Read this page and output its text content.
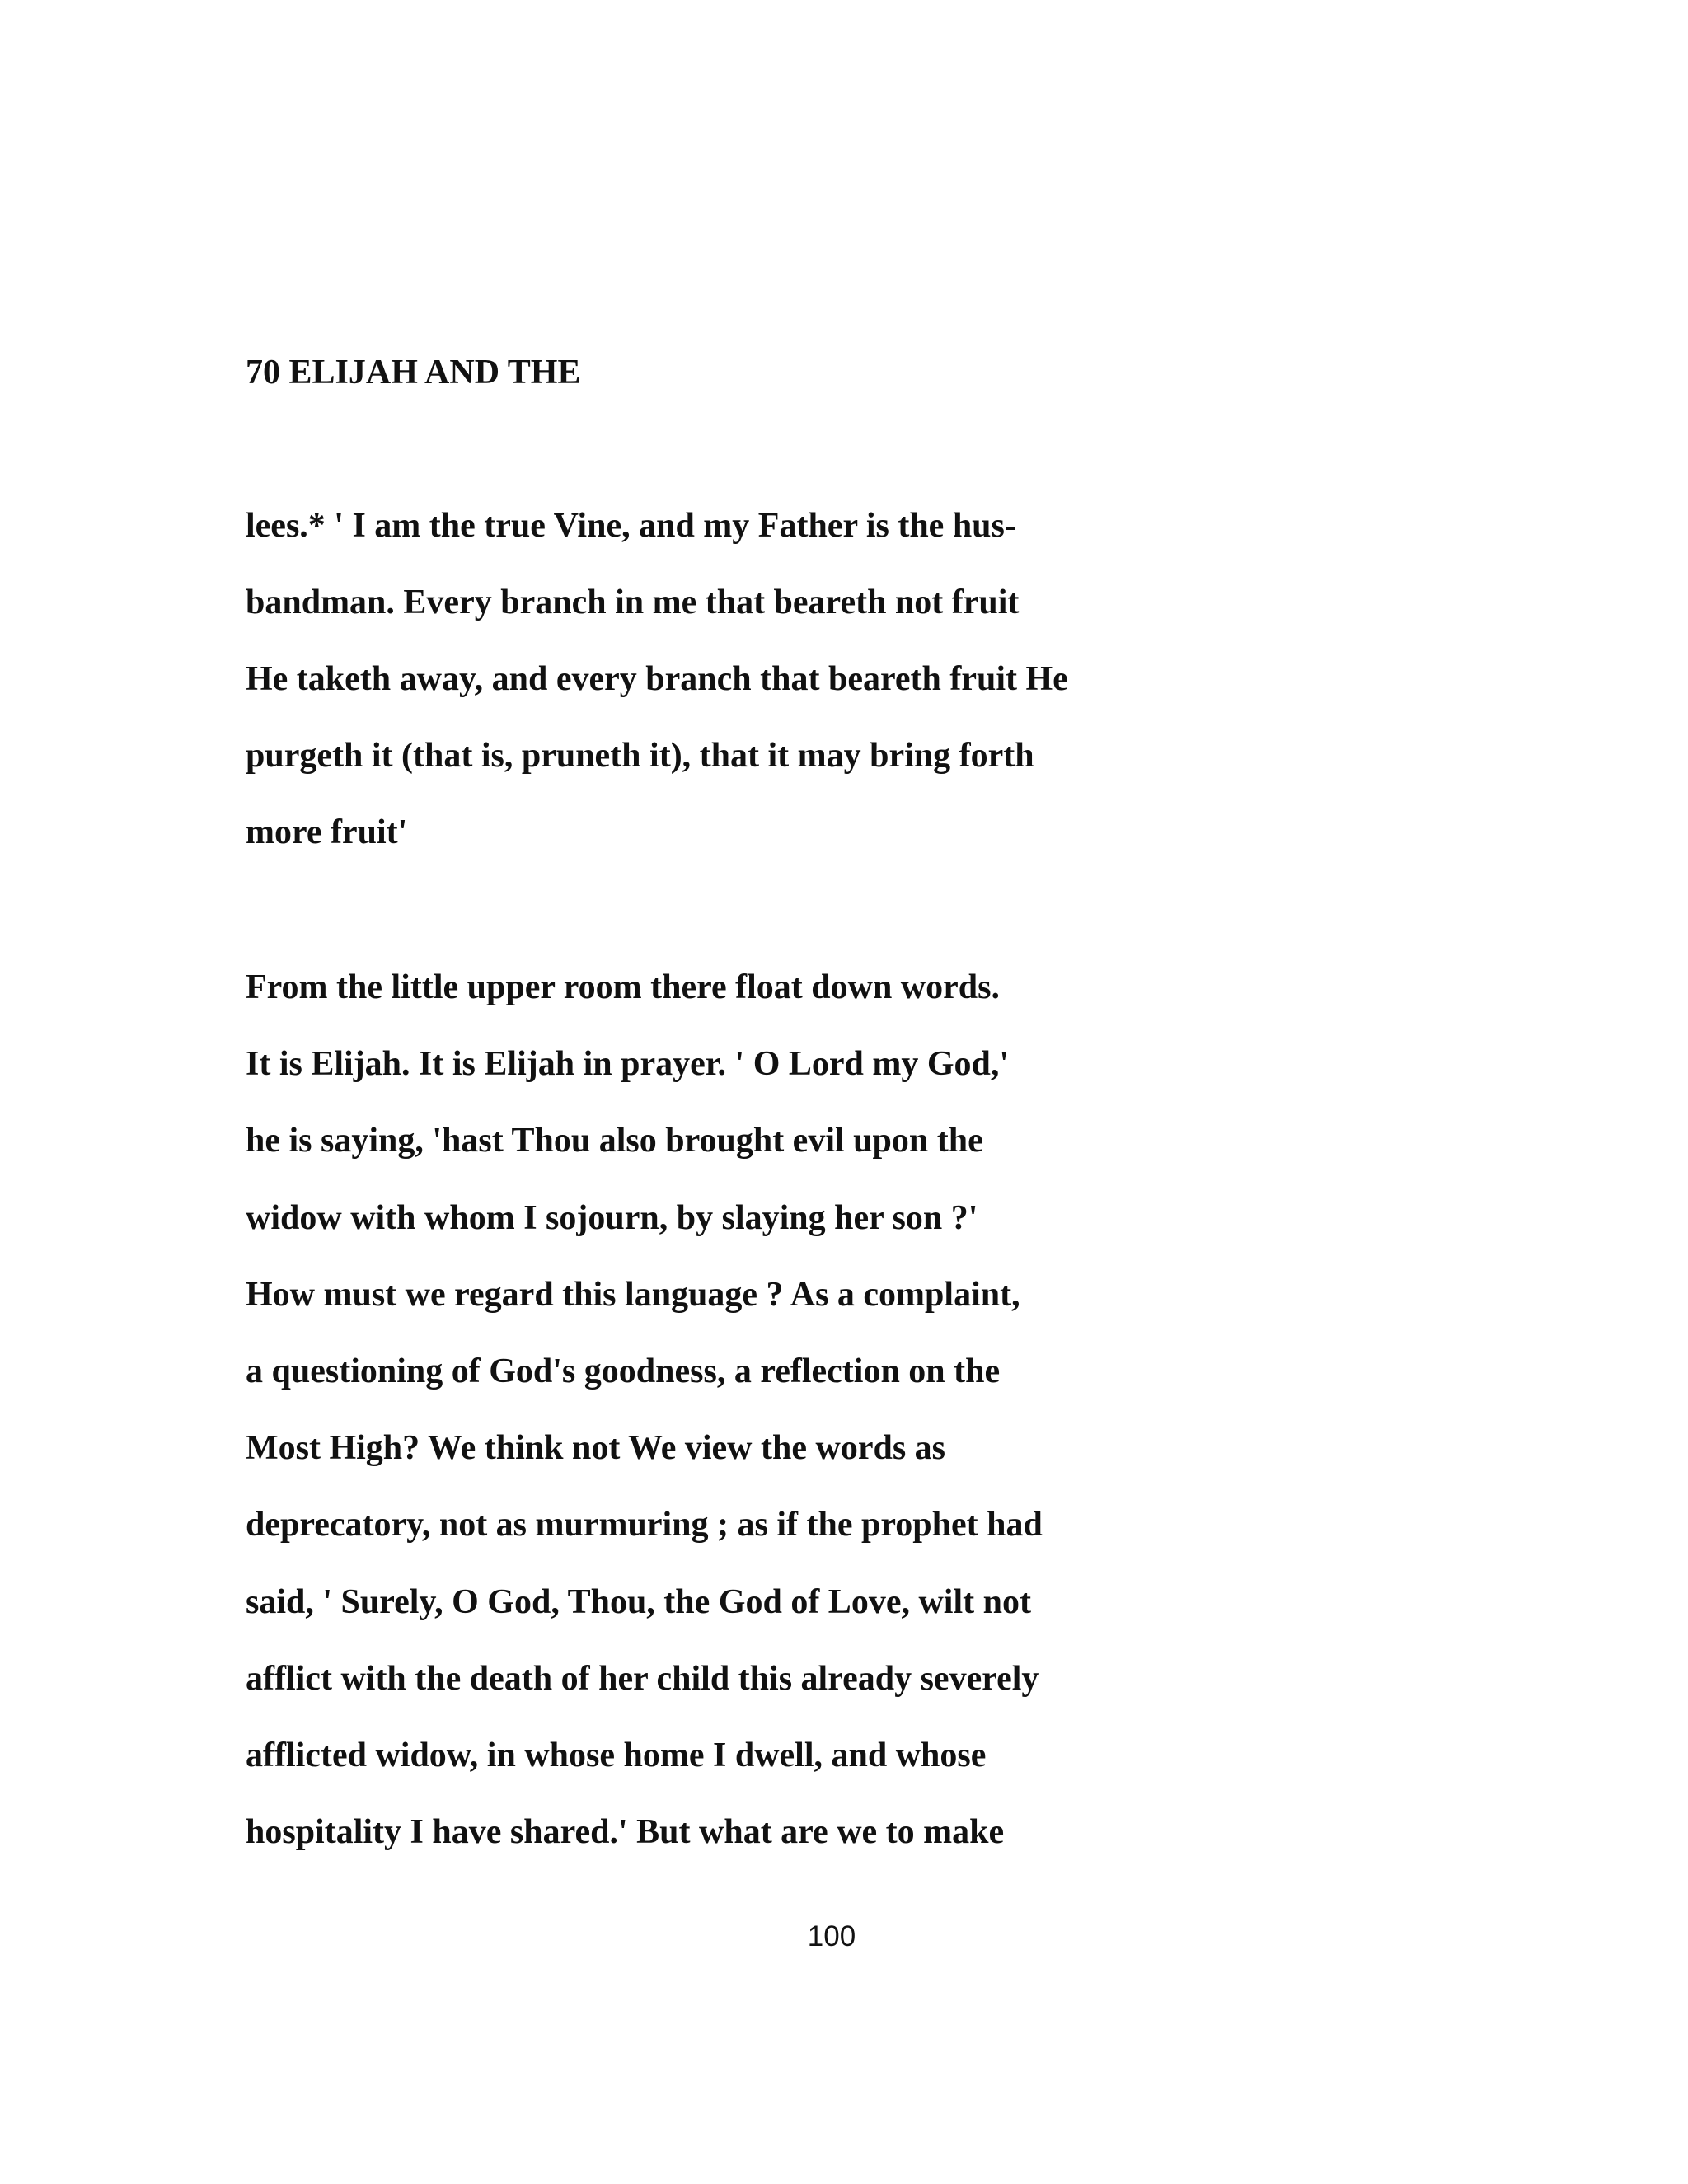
70 ELIJAH AND THE

lees.* ' I am the true Vine, and my Father is the hus-

bandman. Every branch in me that beareth not fruit

He taketh away, and every branch that beareth fruit He

purgeth it (that is, pruneth it), that it may bring forth

more fruit'

From the little upper room there float down words.

It is Elijah. It is Elijah in prayer. ' O Lord my God,'

he is saying, 'hast Thou also brought evil upon the

widow with whom I sojourn, by slaying her son ?'

How must we regard this language ? As a complaint,

a questioning of God's goodness, a reflection on the

Most High? We think not We view the words as

deprecatory, not as murmuring ; as if the prophet had

said, ' Surely, O God, Thou, the God of Love, wilt not

afflict with the death of her child this already severely

afflicted widow, in whose home I dwell, and whose

hospitality I have shared.' But what are we to make

100
